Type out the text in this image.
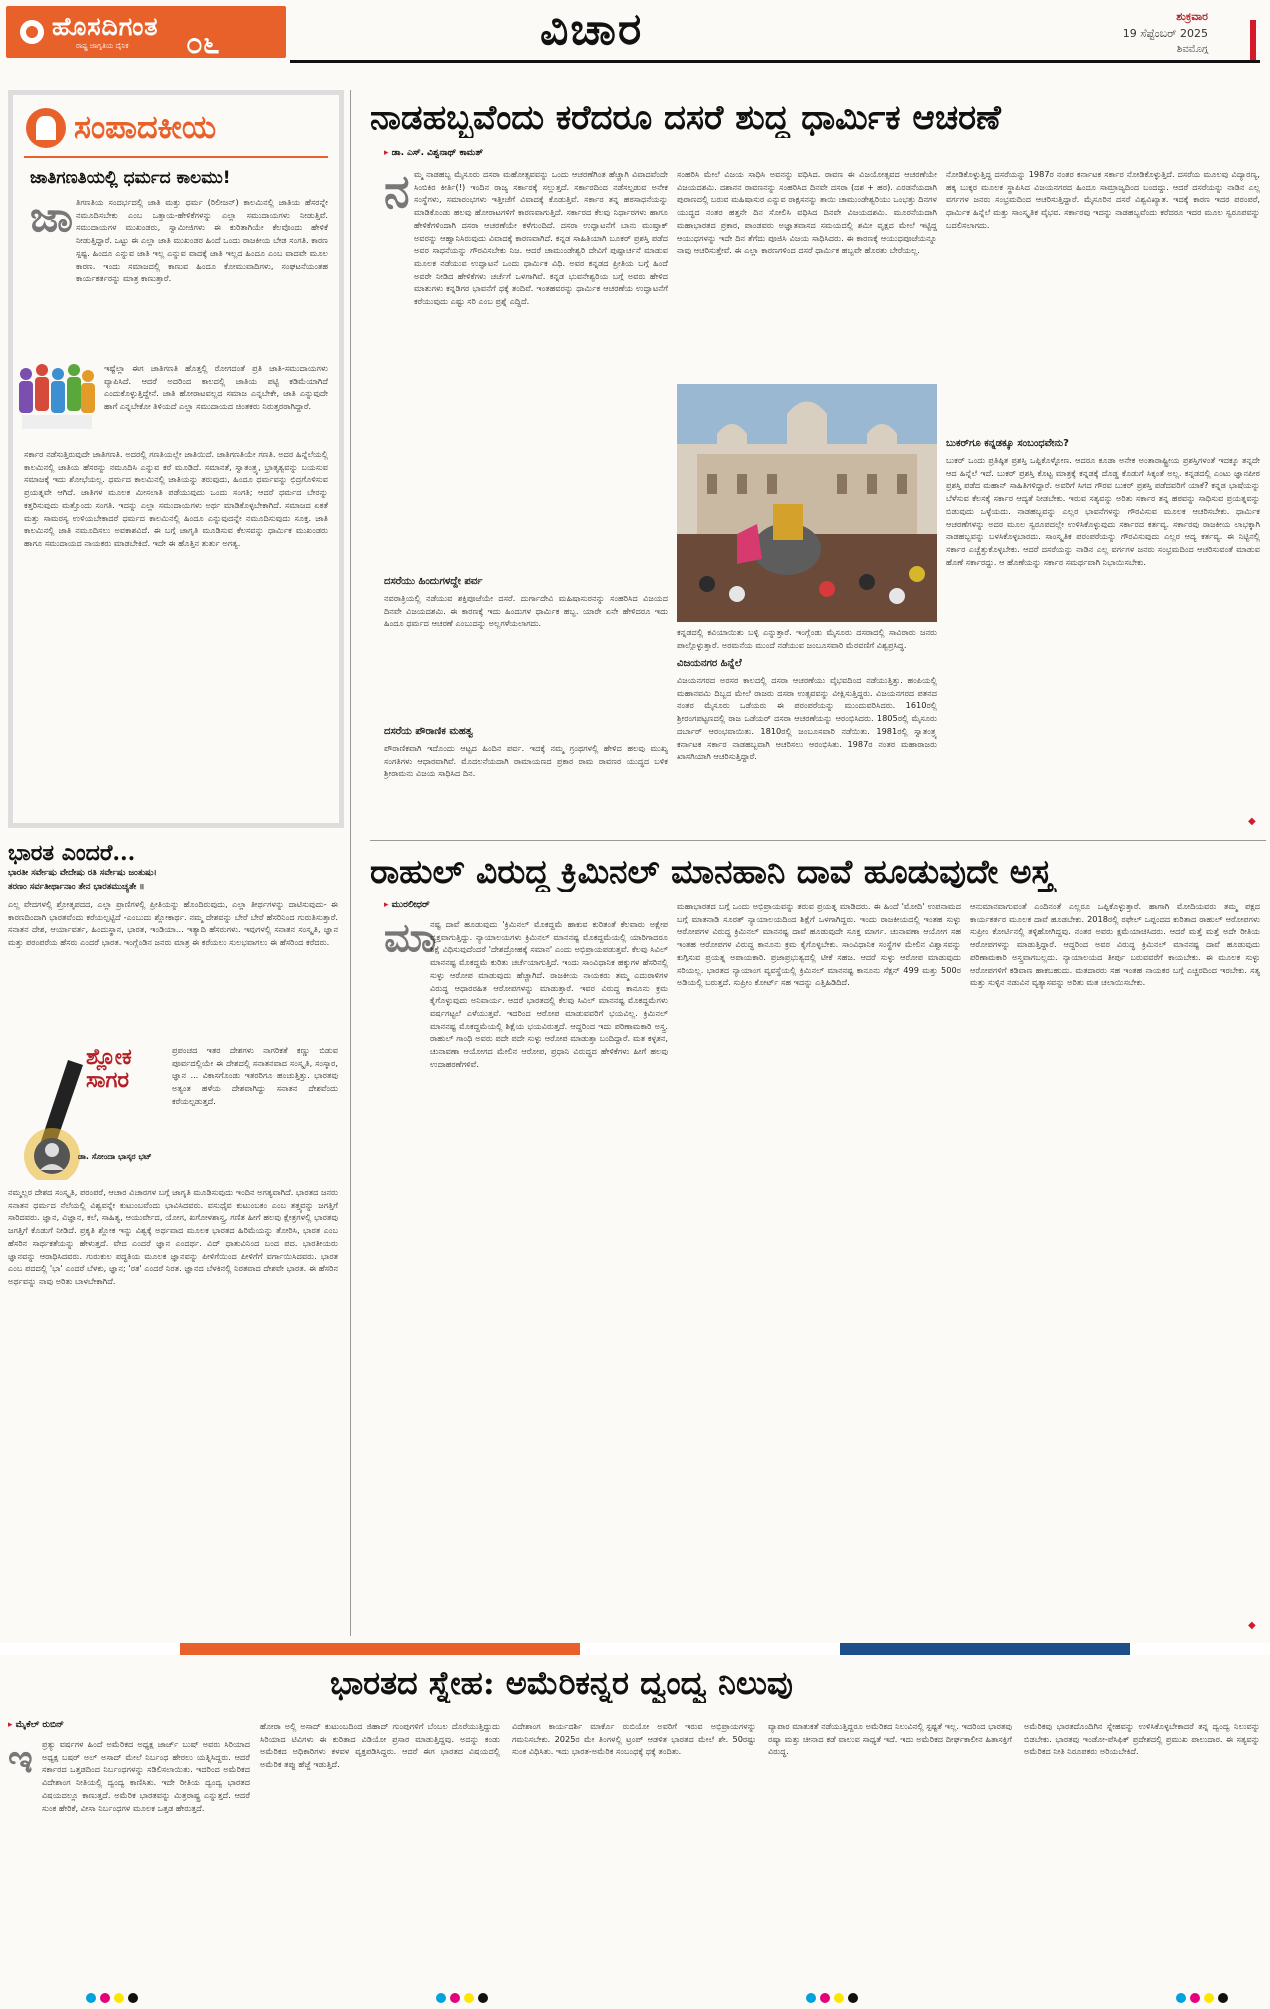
ಹೊಸದಿಗಂತ
ರಾಷ್ಟ್ರ ಜಾಗೃತಿಯ ದೈನಿಕ ೦೬	ವಿಚಾರ	ಶುಕ್ರವಾರ
19 ಸೆಪ್ಟೆಂಬರ್ 2025
ಶಿವಮೊಗ್ಗ
ಸಂಪಾದಕೀಯ
ಜಾತಿಗಣತಿಯಲ್ಲಿ ಧರ್ಮದ ಕಾಲಮು!
ಜಾ ತಿಗಣತಿಯ ಸಂದರ್ಭದಲ್ಲಿ ಜಾತಿ ಮತ್ತು ಧರ್ಮ (ರಿಲೀಜನ್) ಕಾಲಮಿನಲ್ಲಿ ಜಾತಿಯ ಹೆಸರನ್ನೇ ನಮೂದಿಸಬೇಕು ಎಂಬ ಒತ್ತಾಯ-ಹೇಳಿಕೆಗಳನ್ನು ಎಲ್ಲಾ ಸಮುದಾಯಗಳು ನೀಡುತ್ತಿವೆ. ಸಮುದಾಯಗಳ ಮುಖಂಡರು, ಸ್ವಾಮೀಜಿಗಳು ಈ ಕುರಿತಾಗಿಯೇ ಕೆಲವೊಂದು ಹೇಳಿಕೆ ನೀಡುತ್ತಿದ್ದಾರೆ. ಒಟ್ಟು ಈ ಎಲ್ಲಾ ಜಾತಿ ಮುಖಂಡರ ಹಿಂದೆ ಒಂದು ರಾಜಕೀಯ ಬೇಡ ಸಂಗತಿ. ಕಾರಣ ಸ್ಪಷ್ಟ. ಹಿಂದೂ ಎನ್ನುವ ಜಾತಿ ಇಲ್ಲ ಎನ್ನುವ ವಾದಕ್ಕೆ ಜಾತಿ ಇಲ್ಲದ ಹಿಂದೂ ಎಂಬ ವಾದವೇ ಮೂಲ ಕಾರಣ. ಇಂದು ಸಮಾಜದಲ್ಲಿ ಕಾಣುವ ಹಿಂದೂ ಕೋಮುವಾದಿಗಳು, ಸಂಘಟನೆಯಂತಹ ಕಾರ್ಯಕರ್ತರನ್ನು ಮಾತ್ರ ಕಾಣುತ್ತಾರೆ.
ಇಷ್ಟೆಲ್ಲಾ ಈಗ ಜಾತಿಗಣತಿ ಹೊತ್ತಲ್ಲಿ ರೋಗದಂತೆ ಪ್ರತಿ ಜಾತಿ-ಸಮುದಾಯಗಳು ವ್ಯಾಪಿಸಿದೆ. ಆದರೆ ಅದರಿಂದ ಕಾಲದಲ್ಲಿ ಜಾತಿಯ ಪಟ್ಟಿ ಕಡಿಮೆಯಾಗಿದೆ ಎಂದುಕೊಳ್ಳುತ್ತಿದ್ದೇನೆ. ಜಾತಿ ಹೋರಾಟವಲ್ಲದ ಸಮಾಜ ಎನ್ನಬೇಕೇ, ಜಾತಿ ಎನ್ನುವುದೇ ಹಾಗೆ ಎನ್ನಬೇಕೋ ತಿಳಿಯದೆ ಎಲ್ಲಾ ಸಮುದಾಯದ ಚಿಂತಕರು ನಿರುತ್ತರರಾಗಿದ್ದಾರೆ.
ಸರ್ಕಾರ ನಡೆಸುತ್ತಿರುವುದೇ ಜಾತಿಗಣತಿ. ಅದರಲ್ಲಿ ಗಣತಿಯಲ್ಲೇ ಜಾತಿಯಿದೆ. ಜಾತಿಗಣತಿಯೇ ಗಣತಿ. ಅದರ ಹಿನ್ನೆಲೆಯಲ್ಲಿ ಕಾಲಮಿನಲ್ಲಿ ಜಾತಿಯ ಹೆಸರನ್ನು ನಮೂದಿಸಿ ಎನ್ನುವ ಕರೆ ಮೂಡಿದೆ. ಸಮಾನತೆ, ಸ್ವಾತಂತ್ರ್ಯ, ಭ್ರಾತೃತ್ವವನ್ನು ಬಯಸುವ ಸಮಾಜಕ್ಕೆ ಇದು ಶೋಭೆಯಲ್ಲ. ಧರ್ಮದ ಕಾಲಮಿನಲ್ಲಿ ಜಾತಿಯನ್ನು ತರುವುದು, ಹಿಂದೂ ಧರ್ಮವನ್ನು ಛಿದ್ರಗೊಳಿಸುವ ಪ್ರಯತ್ನವೇ ಆಗಿದೆ. ಜಾತಿಗಳ ಮೂಲಕ ಮೀಸಲಾತಿ ಪಡೆಯುವುದು ಒಂದು ಸಂಗತಿ; ಆದರೆ ಧರ್ಮದ ಬೇರನ್ನು ಕತ್ತರಿಸುವುದು ಮತ್ತೊಂದು ಸಂಗತಿ. ಇದನ್ನು ಎಲ್ಲಾ ಸಮುದಾಯಗಳು ಅರ್ಥ ಮಾಡಿಕೊಳ್ಳಬೇಕಾಗಿದೆ. ಸಮಾಜದ ಏಕತೆ ಮತ್ತು ಸಾಮರಸ್ಯ ಉಳಿಯಬೇಕಾದರೆ ಧರ್ಮದ ಕಾಲಮಿನಲ್ಲಿ ಹಿಂದೂ ಎನ್ನುವುದನ್ನೇ ನಮೂದಿಸುವುದು ಸೂಕ್ತ. ಜಾತಿ ಕಾಲಮಿನಲ್ಲಿ ಜಾತಿ ನಮೂದಿಸಲು ಅವಕಾಶವಿದೆ. ಈ ಬಗ್ಗೆ ಜಾಗೃತಿ ಮೂಡಿಸುವ ಕೆಲಸವನ್ನು ಧಾರ್ಮಿಕ ಮುಖಂಡರು ಹಾಗೂ ಸಮುದಾಯದ ನಾಯಕರು ಮಾಡಬೇಕಿದೆ. ಇದೇ ಈ ಹೊತ್ತಿನ ತುರ್ತು ಅಗತ್ಯ.
ಭಾರತ ಎಂದರೆ...
ಭಾರತೀ ಸರ್ವೇಷು ವೇದೇಷು ರತಿ ಸರ್ವೇಷು ಜಂತುಷು।
ತರಣಂ ಸರ್ವತೀರ್ಥಾನಾಂ ತೇನ ಭಾರತಮುಚ್ಯತೇ ॥
ಎಲ್ಲ ವೇದಗಳಲ್ಲಿ ಶ್ರೋತೃಪದದ, ಎಲ್ಲಾ ಪ್ರಾಣಿಗಳಲ್ಲಿ ಪ್ರೀತಿಯನ್ನು ಹೊಂದಿರುವುದು, ಎಲ್ಲಾ ತೀರ್ಥಗಳನ್ನು ದಾಟಿಸುವುದು- ಈ ಕಾರಣದಿಂದಾಗಿ ಭಾರತವೆಂದು ಕರೆಯಲ್ಪಟ್ಟಿದೆ -ಎಂಬುದು ಶ್ಲೋಕಾರ್ಥ. ನಮ್ಮ ದೇಶವನ್ನು ಬೇರೆ ಬೇರೆ ಹೆಸರಿನಿಂದ ಗುರುತಿಸುತ್ತಾರೆ. ಸನಾತನ ದೇಶ, ಆರ್ಯಾವರ್ತ, ಹಿಂದುಸ್ಥಾನ, ಭಾರತ, ಇಂಡಿಯಾ... ಇತ್ಯಾದಿ ಹೆಸರುಗಳು. ಇವುಗಳಲ್ಲಿ ಸನಾತನ ಸಂಸ್ಕೃತಿ, ಜ್ಞಾನ ಮತ್ತು ಪರಂಪರೆಯ ಹೆಸರು ಎಂದರೆ ಭಾರತ. ಇಂಗ್ಲೆಂಡಿನ ಜನರು ಮಾತ್ರ ಈ ಕರೆಯಲು ಸುಲಭವಾಗಲು ಈ ಹೆಸರಿಂದ ಕರೆದರು.
ಶ್ಲೋಕ ಸಾಗರ
ಡಾ. ಸೋಂದಾ ಭಾಸ್ಕರ ಭಟ್
ಪ್ರಪಂಚದ ಇತರ ದೇಶಗಳು ನಾಗರಿಕತೆ ಕಣ್ಣು ಬಿಡುವ ಪೂರ್ವದಲ್ಲಿಯೇ ಈ ದೇಶದಲ್ಲಿ ಸನಾತನವಾದ ಸಂಸ್ಕೃತಿ, ಸಂಸ್ಕಾರ, ಜ್ಞಾನ ... ವಿಕಾಸಗೊಂಡು ಇತರರಿಗೂ ಹಂಚುತ್ತಿತ್ತು. ಭಾರತವು ಅತ್ಯಂತ ಹಳೆಯ ದೇಶವಾಗಿದ್ದು ಸನಾತನ ದೇಶವೆಂದು ಕರೆಯಲ್ಪಡುತ್ತದೆ.
ನಮ್ಮಲ್ಲರ ದೇಶದ ಸಂಸ್ಕೃತಿ, ಪರಂಪರೆ, ಆಚಾರ ವಿಚಾರಗಳ ಬಗ್ಗೆ ಜಾಗೃತಿ ಮೂಡಿಸುವುದು ಇಂದಿನ ಅಗತ್ಯವಾಗಿದೆ. ಭಾರತದ ಜನರು ಸನಾತನ ಧರ್ಮದ ನೆಲೆಯಲ್ಲಿ ವಿಶ್ವವನ್ನೇ ಕುಟುಂಬವೆಂದು ಭಾವಿಸಿದವರು. ವಸುಧೈವ ಕುಟುಂಬಕಂ ಎಂಬ ತತ್ತ್ವವನ್ನು ಜಗತ್ತಿಗೆ ಸಾರಿದವರು. ಜ್ಞಾನ, ವಿಜ್ಞಾನ, ಕಲೆ, ಸಾಹಿತ್ಯ, ಆಯುರ್ವೇದ, ಯೋಗ, ಖಗೋಳಶಾಸ್ತ್ರ, ಗಣಿತ ಹೀಗೆ ಹಲವು ಕ್ಷೇತ್ರಗಳಲ್ಲಿ ಭಾರತವು ಜಗತ್ತಿಗೆ ಕೊಡುಗೆ ನೀಡಿದೆ. ಪ್ರಕೃತಿ ಶ್ಲೋಕ ಇನ್ನು ವಿಶ್ವಕ್ಕೆ ಅರ್ಥವಾದ ಮೂಲಕ ಭಾರತದ ಹಿರಿಮೆಯನ್ನು ತೋರಿಸಿ, ಭಾರತ ಎಂಬ ಹೆಸರಿನ ಸಾರ್ಥಕತೆಯನ್ನು ಹೇಳುತ್ತದೆ. ವೇದ ಎಂದರೆ ಜ್ಞಾನ ಎಂದರ್ಥ. ವಿದ್ ಧಾತುವಿನಿಂದ ಬಂದ ಪದ. ಭಾರತೀಯರು ಜ್ಞಾನವನ್ನು ಆರಾಧಿಸಿದವರು. ಗುರುಕುಲ ಪದ್ಧತಿಯ ಮೂಲಕ ಜ್ಞಾನವನ್ನು ಪೀಳಿಗೆಯಿಂದ ಪೀಳಿಗೆಗೆ ವರ್ಗಾಯಿಸಿದವರು. ಭಾರತ ಎಂಬ ಪದದಲ್ಲಿ 'ಭಾ' ಎಂದರೆ ಬೆಳಕು, ಜ್ಞಾನ; 'ರತ' ಎಂದರೆ ನಿರತ. ಜ್ಞಾನದ ಬೆಳಕಿನಲ್ಲಿ ನಿರತವಾದ ದೇಶವೇ ಭಾರತ. ಈ ಹೆಸರಿನ ಅರ್ಥವನ್ನು ನಾವು ಅರಿತು ಬಾಳಬೇಕಾಗಿದೆ.
ನಾಡಹಬ್ಬವೆಂದು ಕರೆದರೂ ದಸರೆ ಶುದ್ಧ ಧಾರ್ಮಿಕ ಆಚರಣೆ
▸ ಡಾ. ಎಸ್. ವಿಶ್ವನಾಥ್ ಕಾಮತ್
ನ ಮ್ಮ ನಾಡಹಬ್ಬ ಮೈಸೂರು ದಸರಾ ಮಹೋತ್ಸವವನ್ನು ಒಂದು ಆಚರಣೆಗಿಂತ ಹೆಚ್ಚಾಗಿ ವಿವಾದವೆಂದೇ ಸಿಂಬಿಕಿರ ಕೀರ್ತಿ(!) ಇಂದಿನ ರಾಜ್ಯ ಸರ್ಕಾರಕ್ಕೆ ಸಲ್ಲುತ್ತದೆ. ಸರ್ಕಾರದಿಂದ ನಡೆಸಲ್ಪಡುವ ಅನೇಕ ಸಂಸ್ಥೆಗಳು, ಸಮಾರಂಭಗಳು ಇತ್ತೀಚೆಗೆ ವಿವಾದಕ್ಕೆ ಕೊಡುತ್ತಿವೆ. ಸರ್ಕಾರ ತನ್ನ ಹಠಸಾಧನೆಯನ್ನು ಮಾಡಿಕೊಂಡು ಹಲವು ಹೋರಾಟಗಳಿಗೆ ಕಾರಣವಾಗುತ್ತಿದೆ. ಸರ್ಕಾರದ ಕೆಲವು ನಿರ್ಧಾರಗಳು ಹಾಗೂ ಹೇಳಿಕೆಗಳಿಂದಾಗಿ ದಸರಾ ಆಚರಣೆಯೇ ಕಳೆಗುಂದಿದೆ. ದಸರಾ ಉದ್ಘಾಟನೆಗೆ ಬಾನು ಮುಷ್ತಾಕ್ ಅವರನ್ನು ಆಹ್ವಾನಿಸಿರುವುದು ವಿವಾದಕ್ಕೆ ಕಾರಣವಾಗಿದೆ. ಕನ್ನಡ ಸಾಹಿತಿಯಾಗಿ ಬೂಕರ್ ಪ್ರಶಸ್ತಿ ಪಡೆದ ಅವರ ಸಾಧನೆಯನ್ನು ಗೌರವಿಸಬೇಕು ನಿಜ. ಆದರೆ ಚಾಮುಂಡೇಶ್ವರಿ ದೇವಿಗೆ ಪುಷ್ಪಾರ್ಚನೆ ಮಾಡುವ ಮೂಲಕ ನಡೆಯುವ ಉದ್ಘಾಟನೆ ಒಂದು ಧಾರ್ಮಿಕ ವಿಧಿ. ಅವರ ಕನ್ನಡದ ಪ್ರೀತಿಯ ಬಗ್ಗೆ ಹಿಂದೆ ಅವರೇ ನೀಡಿದ ಹೇಳಿಕೆಗಳು ಚರ್ಚೆಗೆ ಒಳಗಾಗಿವೆ. ಕನ್ನಡ ಭುವನೇಶ್ವರಿಯ ಬಗ್ಗೆ ಅವರು ಹೇಳಿದ ಮಾತುಗಳು ಕನ್ನಡಿಗರ ಭಾವನೆಗೆ ಧಕ್ಕೆ ತಂದಿವೆ. ಇಂತಹವರನ್ನು ಧಾರ್ಮಿಕ ಆಚರಣೆಯ ಉದ್ಘಾಟನೆಗೆ ಕರೆಯುವುದು ಎಷ್ಟು ಸರಿ ಎಂಬ ಪ್ರಶ್ನೆ ಎದ್ದಿದೆ.
ದಸರೆಯು ಹಿಂದುಗಳದ್ದೇ ಪರ್ವ
ನವರಾತ್ರಿಯಲ್ಲಿ ನಡೆಯುವ ಶಕ್ತಿಪೂಜೆಯೇ ದಸರೆ. ದುರ್ಗಾದೇವಿ ಮಹಿಷಾಸುರನನ್ನು ಸಂಹರಿಸಿದ ವಿಜಯದ ದಿನವೇ ವಿಜಯದಶಮಿ. ಈ ಕಾರಣಕ್ಕೆ ಇದು ಹಿಂದುಗಳ ಧಾರ್ಮಿಕ ಹಬ್ಬ. ಯಾರೇ ಏನೇ ಹೇಳಿದರೂ ಇದು ಹಿಂದೂ ಧರ್ಮದ ಆಚರಣೆ ಎಂಬುದನ್ನು ಅಲ್ಲಗಳೆಯಲಾಗದು.
ದಸರೆಯ ಪೌರಾಣಿಕ ಮಹತ್ವ
ಪೌರಾಣಿಕವಾಗಿ ಇದೊಂದು ಆಟ್ಟದ ಹಿಂದಿನ ಪರ್ವ. ಇದಕ್ಕೆ ನಮ್ಮ ಗ್ರಂಥಗಳಲ್ಲಿ ಹೇಳಿದ ಹಲವು ಮುಖ್ಯ ಸಂಗತಿಗಳು ಆಧಾರವಾಗಿವೆ. ಮೊದಲನೆಯದಾಗಿ ರಾಮಾಯಣದ ಪ್ರಕಾರ ರಾಮ ರಾವಣರ ಯುದ್ಧದ ಬಳಿಕ ಶ್ರೀರಾಮನು ವಿಜಯ ಸಾಧಿಸಿದ ದಿನ.
ಸಂಹರಿಸಿ ಮೇಲೆ ವಿಜಯ ಸಾಧಿಸಿ ಅವನನ್ನು ವಧಿಸಿದ. ರಾವಣ ಈ ವಿಜಯೋತ್ಸವದ ಆಚರಣೆಯೇ ವಿಜಯದಶಮಿ. ದಶಾನನ ರಾವಣನನ್ನು ಸಂಹರಿಸಿದ ದಿನವೇ ದಸರಾ (ದಶ + ಹರ). ಎರಡನೆಯದಾಗಿ ಪುರಾಣದಲ್ಲಿ ಬರುವ ಮಹಿಷಾಸುರ ಎನ್ನುವ ರಾಕ್ಷಸನನ್ನು ತಾಯಿ ಚಾಮುಂಡೇಶ್ವರಿಯು ಒಂಭತ್ತು ದಿನಗಳ ಯುದ್ಧದ ನಂತರ ಹತ್ತನೇ ದಿನ ಸೋಲಿಸಿ ವಧಿಸಿದ ದಿನವೇ ವಿಜಯದಶಮಿ. ಮೂರನೆಯದಾಗಿ ಮಹಾಭಾರತದ ಪ್ರಕಾರ, ಪಾಂಡವರು ಅಜ್ಞಾತವಾಸದ ಸಮಯದಲ್ಲಿ ಶಮೀ ವೃಕ್ಷದ ಮೇಲೆ ಇಟ್ಟಿದ್ದ ಆಯುಧಗಳನ್ನು ಇದೇ ದಿನ ತೆಗೆದು ಪೂಜಿಸಿ ವಿಜಯ ಸಾಧಿಸಿದರು. ಈ ಕಾರಣಕ್ಕೆ ಆಯುಧಪೂಜೆಯನ್ನೂ ನಾವು ಆಚರಿಸುತ್ತೇವೆ. ಈ ಎಲ್ಲಾ ಕಾರಣಗಳಿಂದ ದಸರೆ ಧಾರ್ಮಿಕ ಹಬ್ಬವೇ ಹೊರತು ಬೇರೆಯಲ್ಲ.
ಕನ್ನಡದಲ್ಲಿ ಕವಿಯಾಯಿತು ಬಳ್ಳಿ ಎನ್ನುತ್ತಾರೆ. ಇಂಗ್ಲೆಂಡು ಮೈಸೂರು ದಸರಾದಲ್ಲಿ ಸಾವಿರಾರು ಜನರು ಪಾಲ್ಗೊಳ್ಳುತ್ತಾರೆ. ಅರಮನೆಯ ಮುಂದೆ ನಡೆಯುವ ಜಂಬೂಸವಾರಿ ಮೆರವಣಿಗೆ ವಿಶ್ವಪ್ರಸಿದ್ಧ.
ವಿಜಯನಗರ ಹಿನ್ನೆಲೆ
ವಿಜಯನಗರದ ಅರಸರ ಕಾಲದಲ್ಲಿ ದಸರಾ ಆಚರಣೆಯು ವೈಭವದಿಂದ ನಡೆಯುತ್ತಿತ್ತು. ಹಂಪಿಯಲ್ಲಿ ಮಹಾನವಮಿ ದಿಬ್ಬದ ಮೇಲೆ ರಾಜರು ದಸರಾ ಉತ್ಸವವನ್ನು ವೀಕ್ಷಿಸುತ್ತಿದ್ದರು. ವಿಜಯನಗರದ ಪತನದ ನಂತರ ಮೈಸೂರು ಒಡೆಯರು ಈ ಪರಂಪರೆಯನ್ನು ಮುಂದುವರಿಸಿದರು. 1610ರಲ್ಲಿ ಶ್ರೀರಂಗಪಟ್ಟಣದಲ್ಲಿ ರಾಜ ಒಡೆಯರ್ ದಸರಾ ಆಚರಣೆಯನ್ನು ಆರಂಭಿಸಿದರು. 1805ರಲ್ಲಿ ಮೈಸೂರು ದರ್ಬಾರ್ ಆರಂಭವಾಯಿತು. 1810ರಲ್ಲಿ ಜಂಬೂಸವಾರಿ ನಡೆಯಿತು. 1981ರಲ್ಲಿ ಸ್ವಾತಂತ್ರ್ಯ ಕರ್ನಾಟಕ ಸರ್ಕಾರ ನಾಡಹಬ್ಬವಾಗಿ ಆಚರಿಸಲು ಆರಂಭಿಸಿತು. 1987ರ ನಂತರ ಮಹಾರಾಜರು ಖಾಸಗಿಯಾಗಿ ಆಚರಿಸುತ್ತಿದ್ದಾರೆ.
ನೋಡಿಕೊಳ್ಳುತ್ತಿದ್ದ ದಸರೆಯನ್ನು 1987ರ ನಂತರ ಕರ್ನಾಟಕ ಸರ್ಕಾರ ನೋಡಿಕೊಳ್ಳುತ್ತಿದೆ. ದಸರೆಯ ಮೂಲವು ವಿದ್ಯಾರಣ್ಯ, ಹಕ್ಕ ಬುಕ್ಕರ ಮೂಲಕ ಸ್ಥಾಪಿಸಿದ ವಿಜಯನಗರದ ಹಿಂದೂ ಸಾಮ್ರಾಜ್ಯದಿಂದ ಬಂದದ್ದು. ಆದರೆ ದಸರೆಯನ್ನು ನಾಡಿನ ಎಲ್ಲ ವರ್ಗಗಳ ಜನರು ಸಂಭ್ರಮದಿಂದ ಆಚರಿಸುತ್ತಿದ್ದಾರೆ. ಮೈಸೂರಿನ ದಸರೆ ವಿಶ್ವವಿಖ್ಯಾತ. ಇದಕ್ಕೆ ಕಾರಣ ಇದರ ಪರಂಪರೆ, ಧಾರ್ಮಿಕ ಹಿನ್ನೆಲೆ ಮತ್ತು ಸಾಂಸ್ಕೃತಿಕ ವೈಭವ. ಸರ್ಕಾರವು ಇದನ್ನು ನಾಡಹಬ್ಬವೆಂದು ಕರೆದರೂ ಇದರ ಮೂಲ ಸ್ವರೂಪವನ್ನು ಬದಲಿಸಲಾಗದು.
ಬುಕರ್‌ಗೂ ಕನ್ನಡಕ್ಕೂ ಸಂಬಂಧವೇನು?
ಬುಕರ್ ಒಂದು ಪ್ರತಿಷ್ಠಿತ ಪ್ರಶಸ್ತಿ ಒಪ್ಪಿಕೊಳ್ಳೋಣ. ಆದರೂ ಕೂಡಾ ಅನೇಕ ಅಂತಾರಾಷ್ಟ್ರೀಯ ಪ್ರಶಸ್ತಿಗಳಂತೆ ಇದಕ್ಕೂ ತನ್ನದೇ ಆದ ಹಿನ್ನೆಲೆ ಇದೆ. ಬುಕರ್ ಪ್ರಶಸ್ತಿ ಕೊಟ್ಟ ಮಾತ್ರಕ್ಕೆ ಕನ್ನಡಕ್ಕೆ ದೊಡ್ಡ ಕೊಡುಗೆ ಸಿಕ್ಕಂತೆ ಅಲ್ಲ. ಕನ್ನಡದಲ್ಲಿ ಎಂಟು ಜ್ಞಾನಪೀಠ ಪ್ರಶಸ್ತಿ ಪಡೆದ ಮಹಾನ್ ಸಾಹಿತಿಗಳಿದ್ದಾರೆ. ಅವರಿಗೆ ಸಿಗದ ಗೌರವ ಬುಕರ್ ಪ್ರಶಸ್ತಿ ಪಡೆದವರಿಗೆ ಯಾಕೆ? ಕನ್ನಡ ಭಾಷೆಯನ್ನು ಬೆಳೆಸುವ ಕೆಲಸಕ್ಕೆ ಸರ್ಕಾರ ಆದ್ಯತೆ ನೀಡಬೇಕು. ಇರುವ ಸತ್ಯವನ್ನು ಅರಿತು ಸರ್ಕಾರ ತನ್ನ ಹಠವನ್ನು ಸಾಧಿಸುವ ಪ್ರಯತ್ನವನ್ನು ಬಿಡುವುದು ಒಳ್ಳೆಯದು. ನಾಡಹಬ್ಬವನ್ನು ಎಲ್ಲರ ಭಾವನೆಗಳನ್ನು ಗೌರವಿಸುವ ಮೂಲಕ ಆಚರಿಸಬೇಕು. ಧಾರ್ಮಿಕ ಆಚರಣೆಗಳನ್ನು ಅದರ ಮೂಲ ಸ್ವರೂಪದಲ್ಲೇ ಉಳಿಸಿಕೊಳ್ಳುವುದು ಸರ್ಕಾರದ ಕರ್ತವ್ಯ. ಸರ್ಕಾರವು ರಾಜಕೀಯ ಲಾಭಕ್ಕಾಗಿ ನಾಡಹಬ್ಬವನ್ನು ಬಳಸಿಕೊಳ್ಳಬಾರದು. ಸಾಂಸ್ಕೃತಿಕ ಪರಂಪರೆಯನ್ನು ಗೌರವಿಸುವುದು ಎಲ್ಲರ ಆದ್ಯ ಕರ್ತವ್ಯ. ಈ ನಿಟ್ಟಿನಲ್ಲಿ ಸರ್ಕಾರ ಎಚ್ಚೆತ್ತುಕೊಳ್ಳಬೇಕು. ಆದರೆ ದಸರೆಯನ್ನು ನಾಡಿನ ಎಲ್ಲ ವರ್ಗಗಳ ಜನರು ಸಂಭ್ರಮದಿಂದ ಆಚರಿಸುವಂತೆ ಮಾಡುವ ಹೊಣೆ ಸರ್ಕಾರದ್ದು. ಆ ಹೊಣೆಯನ್ನು ಸರ್ಕಾರ ಸಮರ್ಥವಾಗಿ ನಿಭಾಯಿಸಬೇಕು.
◆
ರಾಹುಲ್ ವಿರುದ್ಧ ಕ್ರಿಮಿನಲ್ ಮಾನಹಾನಿ ದಾವೆ ಹೂಡುವುದೇ ಅಸ್ತ್ರ
▸ ಮುರಲೀಧರ್
ಮಾ
ನಷ್ಟ ದಾವೆ ಹೂಡುವುದು 'ಕ್ರಿಮಿನಲ್ ಮೊಕದ್ದಮೆ ಹಾಕುವ ಕುರಿತಂತೆ ಕೆಲವಾರು ಅಕ್ಷೇಪ ವ್ಯಕ್ತವಾಗುತ್ತಿದ್ದು. ನ್ಯಾಯಾಲಯಗಳು ಕ್ರಿಮಿನಲ್ ಮಾನನಷ್ಟ ಮೊಕದ್ದಮೆಯಲ್ಲಿ ಯಾರಿಗಾದರೂ ಶಿಕ್ಷೆ ವಿಧಿಸುವುದೆಂದರೆ 'ದೇಶದ್ರೋಹಕ್ಕೆ ಸಮಾನ' ಎಂದು ಅಭಿಪ್ರಾಯಪಡುತ್ತವೆ. ಕೆಲವು ಸಿವಿಲ್ ಮಾನನಷ್ಟ ಮೊಕದ್ದಮೆ ಕುರಿತು ಚರ್ಚೆಯಾಗುತ್ತಿದೆ. ಇಂದು ಸಾಂವಿಧಾನಿಕ ಹಕ್ಕುಗಳ ಹೆಸರಿನಲ್ಲಿ ಸುಳ್ಳು ಆರೋಪ ಮಾಡುವುದು ಹೆಚ್ಚಾಗಿದೆ. ರಾಜಕೀಯ ನಾಯಕರು ತಮ್ಮ ಎದುರಾಳಿಗಳ ವಿರುದ್ಧ ಆಧಾರರಹಿತ ಆರೋಪಗಳನ್ನು ಮಾಡುತ್ತಾರೆ. ಇವರ ವಿರುದ್ಧ ಕಾನೂನು ಕ್ರಮ ಕೈಗೊಳ್ಳುವುದು ಅನಿವಾರ್ಯ. ಆದರೆ ಭಾರತದಲ್ಲಿ ಕೆಲವು ಸಿವಿಲ್ ಮಾನನಷ್ಟ ಮೊಕದ್ದಮೆಗಳು ವರ್ಷಗಟ್ಟಲೆ ಎಳೆಯುತ್ತವೆ. ಇದರಿಂದ ಆರೋಪ ಮಾಡುವವರಿಗೆ ಭಯವಿಲ್ಲ. ಕ್ರಿಮಿನಲ್ ಮಾನನಷ್ಟ ಮೊಕದ್ದಮೆಯಲ್ಲಿ ಶಿಕ್ಷೆಯ ಭಯವಿರುತ್ತದೆ. ಆದ್ದರಿಂದ ಇದು ಪರಿಣಾಮಕಾರಿ ಅಸ್ತ್ರ. ರಾಹುಲ್ ಗಾಂಧಿ ಅವರು ಪದೇ ಪದೇ ಸುಳ್ಳು ಆರೋಪ ಮಾಡುತ್ತಾ ಬಂದಿದ್ದಾರೆ. ಮತ ಕಳ್ಳತನ, ಚುನಾವಣಾ ಆಯೋಗದ ಮೇಲಿನ ಆರೋಪ, ಪ್ರಧಾನಿ ವಿರುದ್ಧದ ಹೇಳಿಕೆಗಳು ಹೀಗೆ ಹಲವು ಉದಾಹರಣೆಗಳಿವೆ.
ಮಹಾಭಾರತದ ಬಗ್ಗೆ ಒಂದು ಅಭಿಪ್ರಾಯವನ್ನು ತರುವ ಪ್ರಯತ್ನ ಮಾಡಿದರು. ಈ ಹಿಂದೆ 'ಮೋದಿ' ಉಪನಾಮದ ಬಗ್ಗೆ ಮಾತನಾಡಿ ಸೂರತ್ ನ್ಯಾಯಾಲಯದಿಂದ ಶಿಕ್ಷೆಗೆ ಒಳಗಾಗಿದ್ದರು. ಇಂದು ರಾಜಕೀಯದಲ್ಲಿ ಇಂತಹ ಸುಳ್ಳು ಆರೋಪಗಳ ವಿರುದ್ಧ ಕ್ರಿಮಿನಲ್ ಮಾನನಷ್ಟ ದಾವೆ ಹೂಡುವುದೇ ಸೂಕ್ತ ಮಾರ್ಗ. ಚುನಾವಣಾ ಆಯೋಗ ಸಹ ಇಂತಹ ಆರೋಪಗಳ ವಿರುದ್ಧ ಕಾನೂನು ಕ್ರಮ ಕೈಗೊಳ್ಳಬೇಕು. ಸಾಂವಿಧಾನಿಕ ಸಂಸ್ಥೆಗಳ ಮೇಲಿನ ವಿಶ್ವಾಸವನ್ನು ಕುಗ್ಗಿಸುವ ಪ್ರಯತ್ನ ಅಪಾಯಕಾರಿ. ಪ್ರಜಾಪ್ರಭುತ್ವದಲ್ಲಿ ಟೀಕೆ ಸಹಜ. ಆದರೆ ಸುಳ್ಳು ಆರೋಪ ಮಾಡುವುದು ಸರಿಯಲ್ಲ. ಭಾರತದ ನ್ಯಾಯಾಂಗ ವ್ಯವಸ್ಥೆಯಲ್ಲಿ ಕ್ರಿಮಿನಲ್ ಮಾನನಷ್ಟ ಕಾನೂನು ಸೆಕ್ಷನ್ 499 ಮತ್ತು 500ರ ಅಡಿಯಲ್ಲಿ ಬರುತ್ತದೆ. ಸುಪ್ರೀಂ ಕೋರ್ಟ್ ಸಹ ಇದನ್ನು ಎತ್ತಿಹಿಡಿದಿದೆ.
ಆನುಮಾನವಾಗುವಂತೆ ಎಂದಿನಂತೆ ಎಲ್ಲರೂ ಒಪ್ಪಿಕೊಳ್ಳುತ್ತಾರೆ. ಹಾಗಾಗಿ ಮೋದಿಯವರು ತಮ್ಮ ಪಕ್ಷದ ಕಾರ್ಯಕರ್ತರ ಮೂಲಕ ದಾವೆ ಹೂಡಬೇಕು. 2018ರಲ್ಲಿ ರಫೇಲ್ ಒಪ್ಪಂದದ ಕುರಿತಾದ ರಾಹುಲ್ ಆರೋಪಗಳು ಸುಪ್ರೀಂ ಕೋರ್ಟಿನಲ್ಲಿ ತಳ್ಳಿಹೋಗಿದ್ದವು. ನಂತರ ಅವರು ಕ್ಷಮೆಯಾಚಿಸಿದರು. ಆದರೆ ಮತ್ತೆ ಮತ್ತೆ ಅದೇ ರೀತಿಯ ಆರೋಪಗಳನ್ನು ಮಾಡುತ್ತಿದ್ದಾರೆ. ಆದ್ದರಿಂದ ಅವರ ವಿರುದ್ಧ ಕ್ರಿಮಿನಲ್ ಮಾನನಷ್ಟ ದಾವೆ ಹೂಡುವುದು ಪರಿಣಾಮಕಾರಿ ಅಸ್ತ್ರವಾಗಬಲ್ಲದು. ನ್ಯಾಯಾಲಯದ ತೀರ್ಪು ಬರುವವರೆಗೆ ಕಾಯಬೇಕು. ಈ ಮೂಲಕ ಸುಳ್ಳು ಆರೋಪಗಳಿಗೆ ಕಡಿವಾಣ ಹಾಕಬಹುದು. ಮತದಾರರು ಸಹ ಇಂತಹ ನಾಯಕರ ಬಗ್ಗೆ ಎಚ್ಚರದಿಂದ ಇರಬೇಕು. ಸತ್ಯ ಮತ್ತು ಸುಳ್ಳಿನ ನಡುವಿನ ವ್ಯತ್ಯಾಸವನ್ನು ಅರಿತು ಮತ ಚಲಾಯಿಸಬೇಕು.
◆
ಭಾರತದ ಸ್ನೇಹ: ಅಮೆರಿಕನ್ನರ ದ್ವಂದ್ವ ನಿಲುವು
▸ ಮೈಕೆಲ್ ರುಬಿನ್
ಇ ಪ್ರತ್ಯು ವರ್ಷಗಳ ಹಿಂದೆ ಅಮೆರಿಕದ ಅಧ್ಯಕ್ಷ ಜಾರ್ಜ್ ಬುಷ್ ಅವರು ಸಿರಿಯಾದ ಅಧ್ಯಕ್ಷ ಬಷರ್ ಅಲ್ ಅಸಾದ್ ಮೇಲೆ ನಿರ್ಬಂಧ ಹೇರಲು ಯತ್ನಿಸಿದ್ದರು. ಆದರೆ ಸರ್ಕಾರದ ಒತ್ತಡದಿಂದ ನಿರ್ಬಂಧಗಳನ್ನು ಸಡಿಲಿಸಲಾಯಿತು. ಇದರಿಂದ ಅಮೆರಿಕದ ವಿದೇಶಾಂಗ ನೀತಿಯಲ್ಲಿ ದ್ವಂದ್ವ ಕಾಣಿಸಿತು. ಇದೇ ರೀತಿಯ ದ್ವಂದ್ವ ಭಾರತದ ವಿಷಯದಲ್ಲೂ ಕಾಣುತ್ತದೆ. ಅಮೆರಿಕ ಭಾರತವನ್ನು ಮಿತ್ರರಾಷ್ಟ್ರ ಎನ್ನುತ್ತದೆ. ಆದರೆ ಸುಂಕ ಹೇರಿಕೆ, ವೀಸಾ ನಿರ್ಬಂಧಗಳ ಮೂಲಕ ಒತ್ತಡ ಹೇರುತ್ತದೆ.
ಹೋರಾ ಅಲ್ಲಿ ಅಸಾದ್ ಕುಟುಂಬದಿಂದ ಜಿಹಾದ್ ಗುಂಪುಗಳಿಗೆ ಬೆಂಬಲ ದೊರೆಯುತ್ತಿದ್ದುದು ಸಿರಿಯಾದ ಟಿವಿಗಳು ಈ ಕುರಿತಾದ ವಿಡಿಯೋ ಪ್ರಸಾರ ಮಾಡುತ್ತಿದ್ದವು. ಅದನ್ನು ಕಂಡು ಅಮೆರಿಕದ ಅಧಿಕಾರಿಗಳು ಕಳವಳ ವ್ಯಕ್ತಪಡಿಸಿದ್ದರು. ಆದರೆ ಈಗ ಭಾರತದ ವಿಷಯದಲ್ಲಿ ಅಮೆರಿಕ ತಪ್ಪು ಹೆಜ್ಜೆ ಇಡುತ್ತಿದೆ.
ವಿದೇಶಾಂಗ ಕಾರ್ಯದರ್ಶಿ ಮಾರ್ಕೊ ರುಬಿಯೋ ಅವರಿಗೆ ಇರುವ ಅಭಿಪ್ರಾಯಗಳನ್ನು ಗಮನಿಸಬೇಕು. 2025ರ ಮೇ ತಿಂಗಳಲ್ಲಿ ಟ್ರಂಪ್ ಆಡಳಿತ ಭಾರತದ ಮೇಲೆ ಶೇ. 50ರಷ್ಟು ಸುಂಕ ವಿಧಿಸಿತು. ಇದು ಭಾರತ-ಅಮೆರಿಕ ಸಂಬಂಧಕ್ಕೆ ಧಕ್ಕೆ ತಂದಿತು.
ವ್ಯಾಪಾರ ಮಾತುಕತೆ ನಡೆಯುತ್ತಿದ್ದರೂ ಅಮೆರಿಕದ ನಿಲುವಿನಲ್ಲಿ ಸ್ಪಷ್ಟತೆ ಇಲ್ಲ. ಇದರಿಂದ ಭಾರತವು ರಷ್ಯಾ ಮತ್ತು ಚೀನಾದ ಕಡೆ ವಾಲುವ ಸಾಧ್ಯತೆ ಇದೆ. ಇದು ಅಮೆರಿಕದ ದೀರ್ಘಕಾಲೀನ ಹಿತಾಸಕ್ತಿಗೆ ವಿರುದ್ಧ.
ಅಮೆರಿಕವು ಭಾರತದೊಂದಿಗಿನ ಸ್ನೇಹವನ್ನು ಉಳಿಸಿಕೊಳ್ಳಬೇಕಾದರೆ ತನ್ನ ದ್ವಂದ್ವ ನಿಲುವನ್ನು ಬಿಡಬೇಕು. ಭಾರತವು ಇಂಡೋ-ಪೆಸಿಫಿಕ್ ಪ್ರದೇಶದಲ್ಲಿ ಪ್ರಮುಖ ಪಾಲುದಾರ. ಈ ಸತ್ಯವನ್ನು ಅಮೆರಿಕದ ನೀತಿ ನಿರೂಪಕರು ಅರಿಯಬೇಕಿದೆ.
